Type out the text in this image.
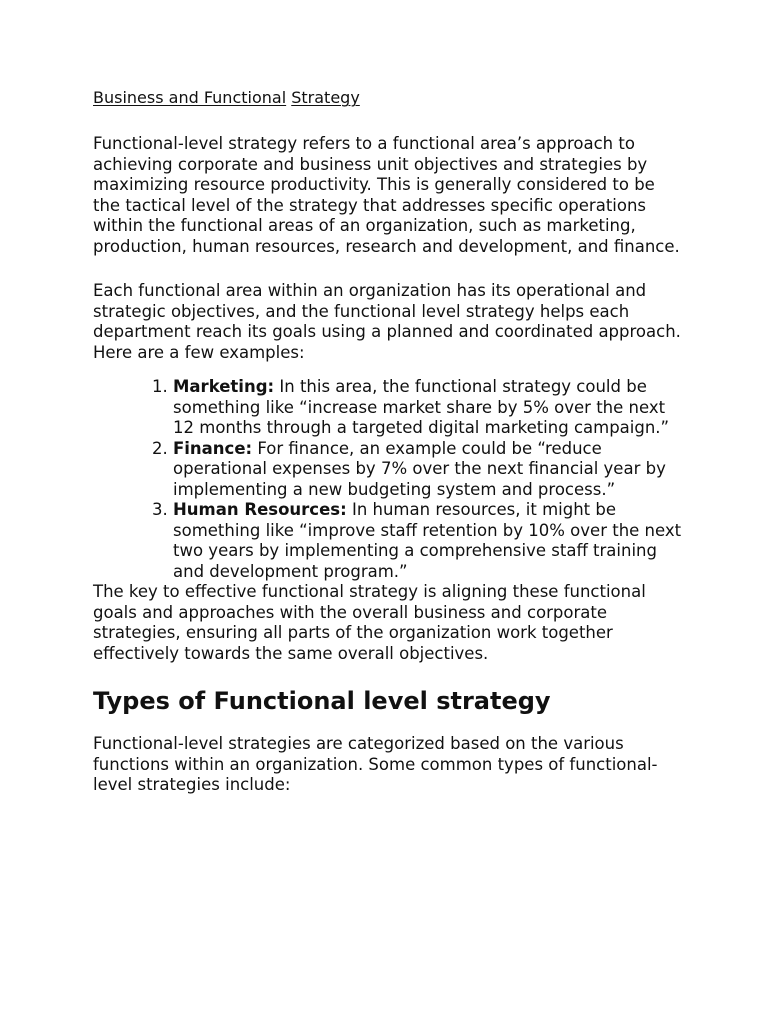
Business and Functional Strategy

Functional-level strategy refers to a functional area’s approach to achieving corporate and business unit objectives and strategies by maximizing resource productivity. This is generally considered to be the tactical level of the strategy that addresses specific operations within the functional areas of an organization, such as marketing, production, human resources, research and development, and finance.

Each functional area within an organization has its operational and strategic objectives, and the functional level strategy helps each department reach its goals using a planned and coordinated approach. Here are a few examples:

1. Marketing: In this area, the functional strategy could be something like “increase market share by 5% over the next 12 months through a targeted digital marketing campaign.”
2. Finance: For finance, an example could be “reduce operational expenses by 7% over the next financial year by implementing a new budgeting system and process.”
3. Human Resources: In human resources, it might be something like “improve staff retention by 10% over the next two years by implementing a comprehensive staff training and development program.”

The key to effective functional strategy is aligning these functional goals and approaches with the overall business and corporate strategies, ensuring all parts of the organization work together effectively towards the same overall objectives.

Types of Functional level strategy

Functional-level strategies are categorized based on the various functions within an organization. Some common types of functional-level strategies include:
